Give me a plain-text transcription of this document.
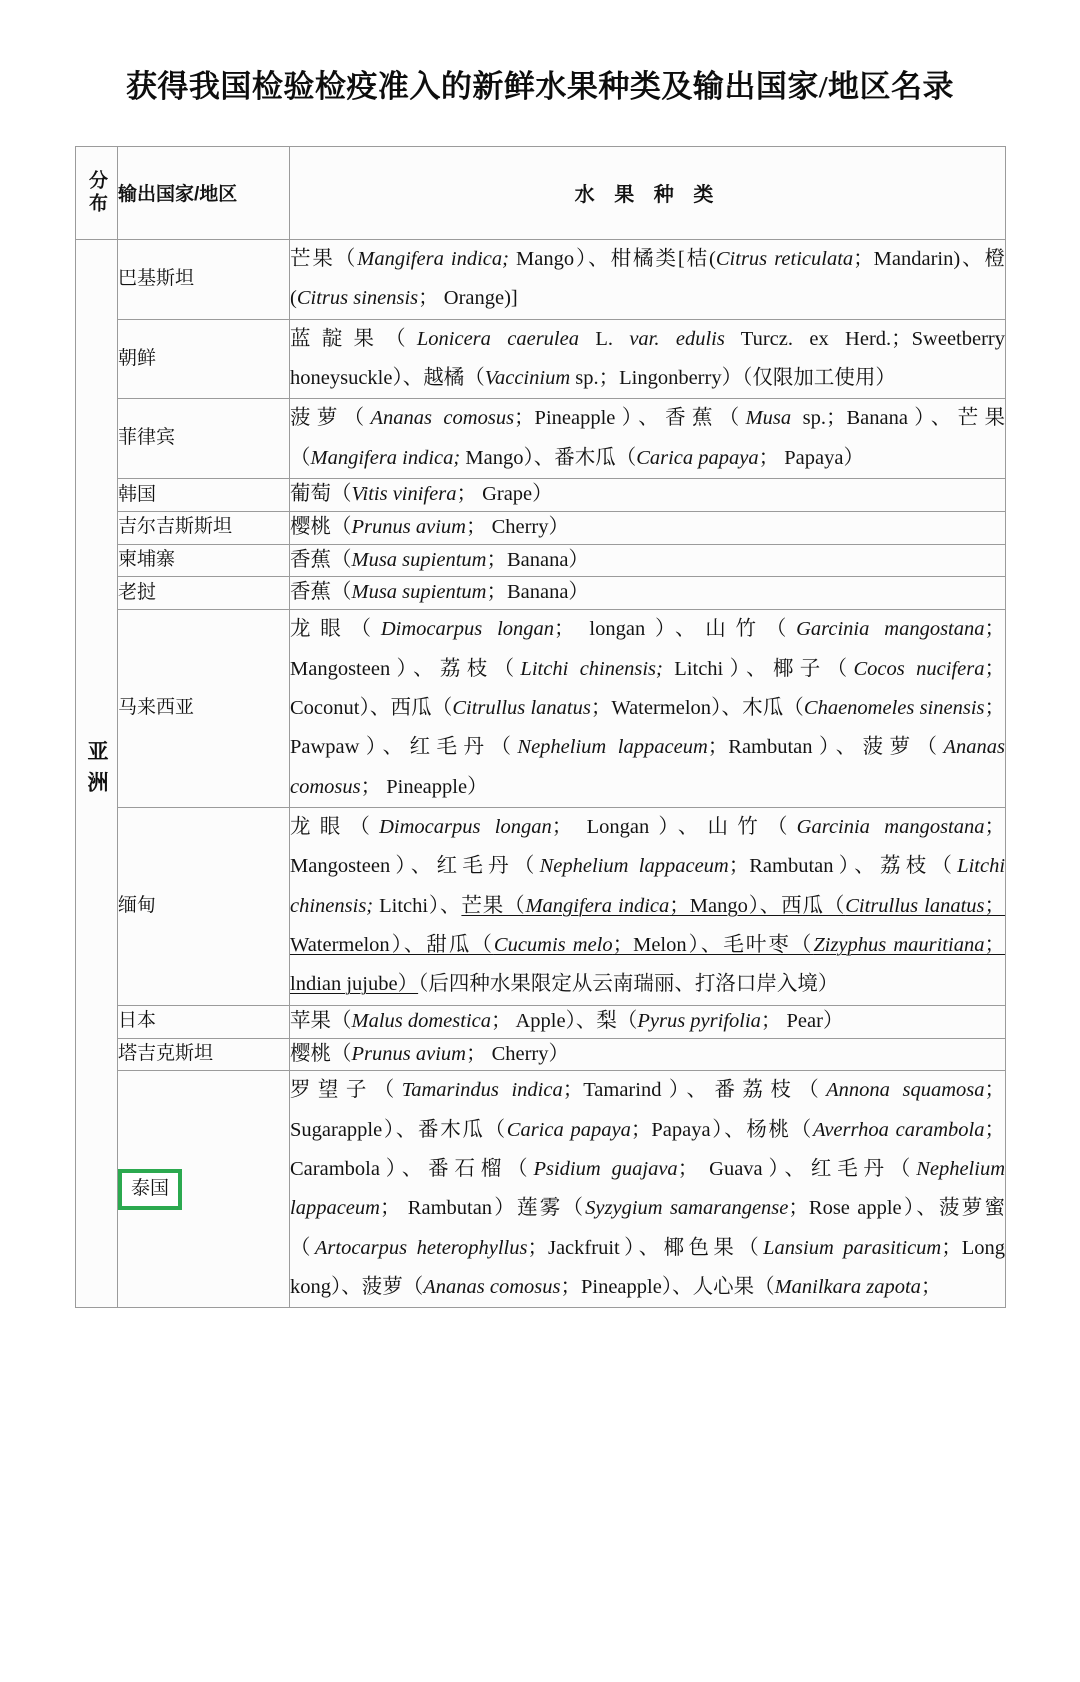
获得我国检验检疫准入的新鲜水果种类及输出国家/地区名录
分布	输出国家/地区	水 果 种 类
亚洲	巴基斯坦	芒果（Mangifera indica; Mango）、柑橘类[桔(Citrus reticulata；Mandarin)、橙(Citrus sinensis； Orange)]
	朝鲜	蓝靛果（Lonicera caerulea L. var. edulis Turcz. ex Herd.；Sweetberry honeysuckle）、越橘（Vaccinium sp.；Lingonberry）（仅限加工使用）
	菲律宾	菠萝（Ananas comosus；Pineapple）、香蕉（Musa sp.；Banana）、芒果（Mangifera indica; Mango）、番木瓜（Carica papaya； Papaya）
	韩国	葡萄（Vitis vinifera； Grape）
	吉尔吉斯斯坦	樱桃（Prunus avium； Cherry）
	柬埔寨	香蕉（Musa supientum；Banana）
	老挝	香蕉（Musa supientum；Banana）
	马来西亚	龙眼（Dimocarpus longan； longan）、山竹（Garcinia mangostana；Mangosteen）、荔枝（Litchi chinensis; Litchi）、椰子（Cocos nucifera；Coconut）、西瓜（Citrullus lanatus；Watermelon）、木瓜（Chaenomeles sinensis；Pawpaw）、红毛丹（Nephelium lappaceum；Rambutan）、菠萝（Ananas comosus； Pineapple）
	缅甸	龙眼（Dimocarpus longan； Longan）、山竹（Garcinia mangostana；Mangosteen）、红毛丹（Nephelium lappaceum；Rambutan）、荔枝（Litchi chinensis; Litchi）、芒果（Mangifera indica；Mango）、西瓜（Citrullus lanatus；Watermelon）、甜瓜（Cucumis melo；Melon）、毛叶枣（Zizyphus mauritiana；lndian jujube）（后四种水果限定从云南瑞丽、打洛口岸入境）
	日本	苹果（Malus domestica； Apple）、梨（Pyrus pyrifolia； Pear）
	塔吉克斯坦	樱桃（Prunus avium； Cherry）
	泰国	罗望子（Tamarindus indica；Tamarind）、番荔枝（Annona squamosa；Sugarapple）、番木瓜（Carica papaya；Papaya）、杨桃（Averrhoa carambola；Carambola）、番石榴（Psidium guajava； Guava）、红毛丹（Nephelium lappaceum； Rambutan）莲雾（Syzygium samarangense；Rose apple）、菠萝蜜（Artocarpus heterophyllus；Jackfruit）、椰色果（Lansium parasiticum；Long kong）、菠萝（Ananas comosus；Pineapple）、人心果（Manilkara zapota；
